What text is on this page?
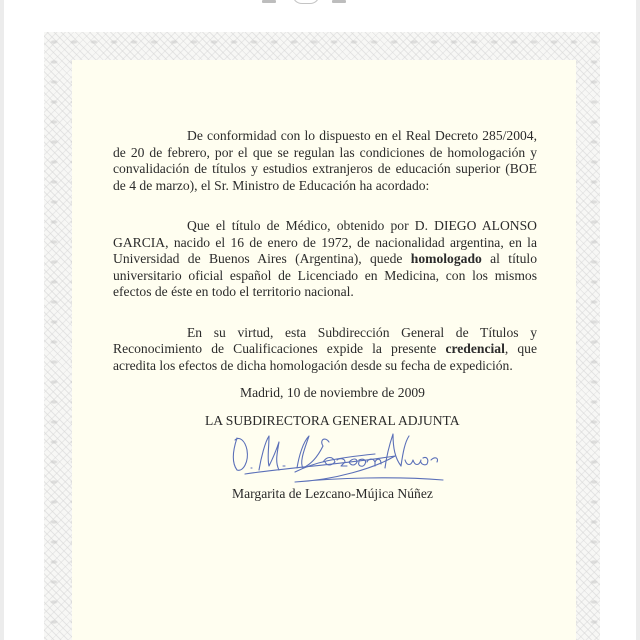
De conformidad con lo dispuesto en el Real Decreto 285/2004, de 20 de febrero, por el que se regulan las condiciones de homologación y convalidación de títulos y estudios extranjeros de educación superior (BOE de 4 de marzo), el Sr. Ministro de Educación ha acordado:

Que el título de Médico, obtenido por D. DIEGO ALONSO GARCIA, nacido el 16 de enero de 1972, de nacionalidad argentina, en la Universidad de Buenos Aires (Argentina), quede homologado al título universitario oficial español de Licenciado en Medicina, con los mismos efectos de éste en todo el territorio nacional.

En su virtud, esta Subdirección General de Títulos y Reconocimiento de Cualificaciones expide la presente credencial, que acredita los efectos de dicha homologación desde su fecha de expedición.

Madrid, 10 de noviembre de 2009
LA SUBDIRECTORA GENERAL ADJUNTA
Margarita de Lezcano-Mújica Núñez
